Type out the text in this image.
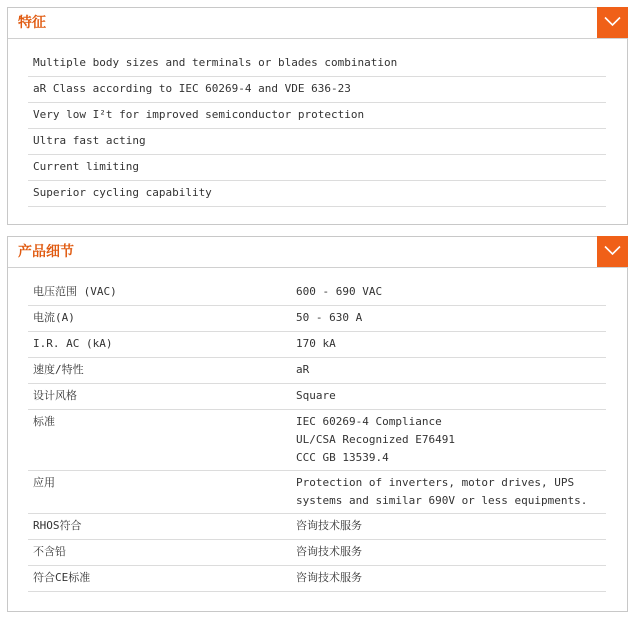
特征
Multiple body sizes and terminals or blades combination
aR Class according to IEC 60269-4 and VDE 636-23
Very low I²t for improved semiconductor protection
Ultra fast acting
Current limiting
Superior cycling capability
产品细节
电压范围 (VAC)	600 - 690 VAC
电流(A)	50 - 630 A
I.R. AC (kA)	170 kA
速度/特性	aR
设计风格	Square
标准	IEC 60269-4 Compliance
UL/CSA Recognized E76491
CCC GB 13539.4
应用	Protection of inverters, motor drives, UPS
systems and similar 690V or less equipments.
RHOS符合	咨询技术服务
不含铅	咨询技术服务
符合CE标准	咨询技术服务
